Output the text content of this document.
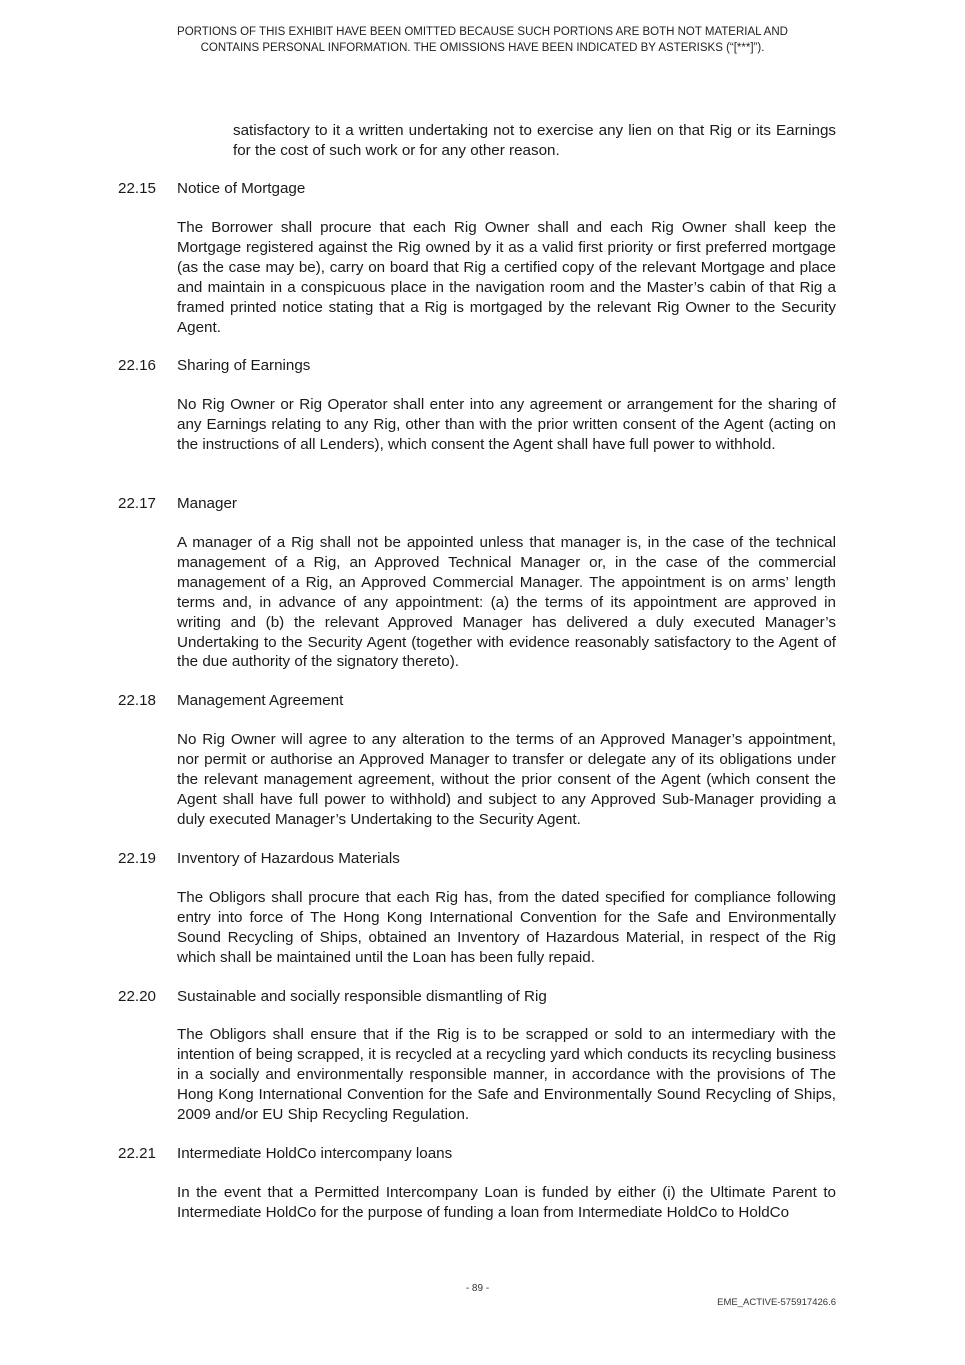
PORTIONS OF THIS EXHIBIT HAVE BEEN OMITTED BECAUSE SUCH PORTIONS ARE BOTH NOT MATERIAL AND
CONTAINS PERSONAL INFORMATION. THE OMISSIONS HAVE BEEN INDICATED BY ASTERISKS (“[***]”).
satisfactory to it a written undertaking not to exercise any lien on that Rig or its Earnings for the cost of such work or for any other reason.
22.15 Notice of Mortgage
The Borrower shall procure that each Rig Owner shall and each Rig Owner shall keep the Mortgage registered against the Rig owned by it as a valid first priority or first preferred mortgage (as the case may be), carry on board that Rig a certified copy of the relevant Mortgage and place and maintain in a conspicuous place in the navigation room and the Master’s cabin of that Rig a framed printed notice stating that a Rig is mortgaged by the relevant Rig Owner to the Security Agent.
22.16 Sharing of Earnings
No Rig Owner or Rig Operator shall enter into any agreement or arrangement for the sharing of any Earnings relating to any Rig, other than with the prior written consent of the Agent (acting on the instructions of all Lenders), which consent the Agent shall have full power to withhold.
22.17 Manager
A manager of a Rig shall not be appointed unless that manager is, in the case of the technical management of a Rig, an Approved Technical Manager or, in the case of the commercial management of a Rig, an Approved Commercial Manager. The appointment is on arms’ length terms and, in advance of any appointment: (a) the terms of its appointment are approved in writing and (b) the relevant Approved Manager has delivered a duly executed Manager’s Undertaking to the Security Agent (together with evidence reasonably satisfactory to the Agent of the due authority of the signatory thereto).
22.18 Management Agreement
No Rig Owner will agree to any alteration to the terms of an Approved Manager’s appointment, nor permit or authorise an Approved Manager to transfer or delegate any of its obligations under the relevant management agreement, without the prior consent of the Agent (which consent the Agent shall have full power to withhold) and subject to any Approved Sub-Manager providing a duly executed Manager’s Undertaking to the Security Agent.
22.19 Inventory of Hazardous Materials
The Obligors shall procure that each Rig has, from the dated specified for compliance following entry into force of The Hong Kong International Convention for the Safe and Environmentally Sound Recycling of Ships, obtained an Inventory of Hazardous Material, in respect of the Rig which shall be maintained until the Loan has been fully repaid.
22.20 Sustainable and socially responsible dismantling of Rig
The Obligors shall ensure that if the Rig is to be scrapped or sold to an intermediary with the intention of being scrapped, it is recycled at a recycling yard which conducts its recycling business in a socially and environmentally responsible manner, in accordance with the provisions of The Hong Kong International Convention for the Safe and Environmentally Sound Recycling of Ships, 2009 and/or EU Ship Recycling Regulation.
22.21 Intermediate HoldCo intercompany loans
In the event that a Permitted Intercompany Loan is funded by either (i) the Ultimate Parent to Intermediate HoldCo for the purpose of funding a loan from Intermediate HoldCo to HoldCo
- 89 -
EME_ACTIVE-575917426.6
